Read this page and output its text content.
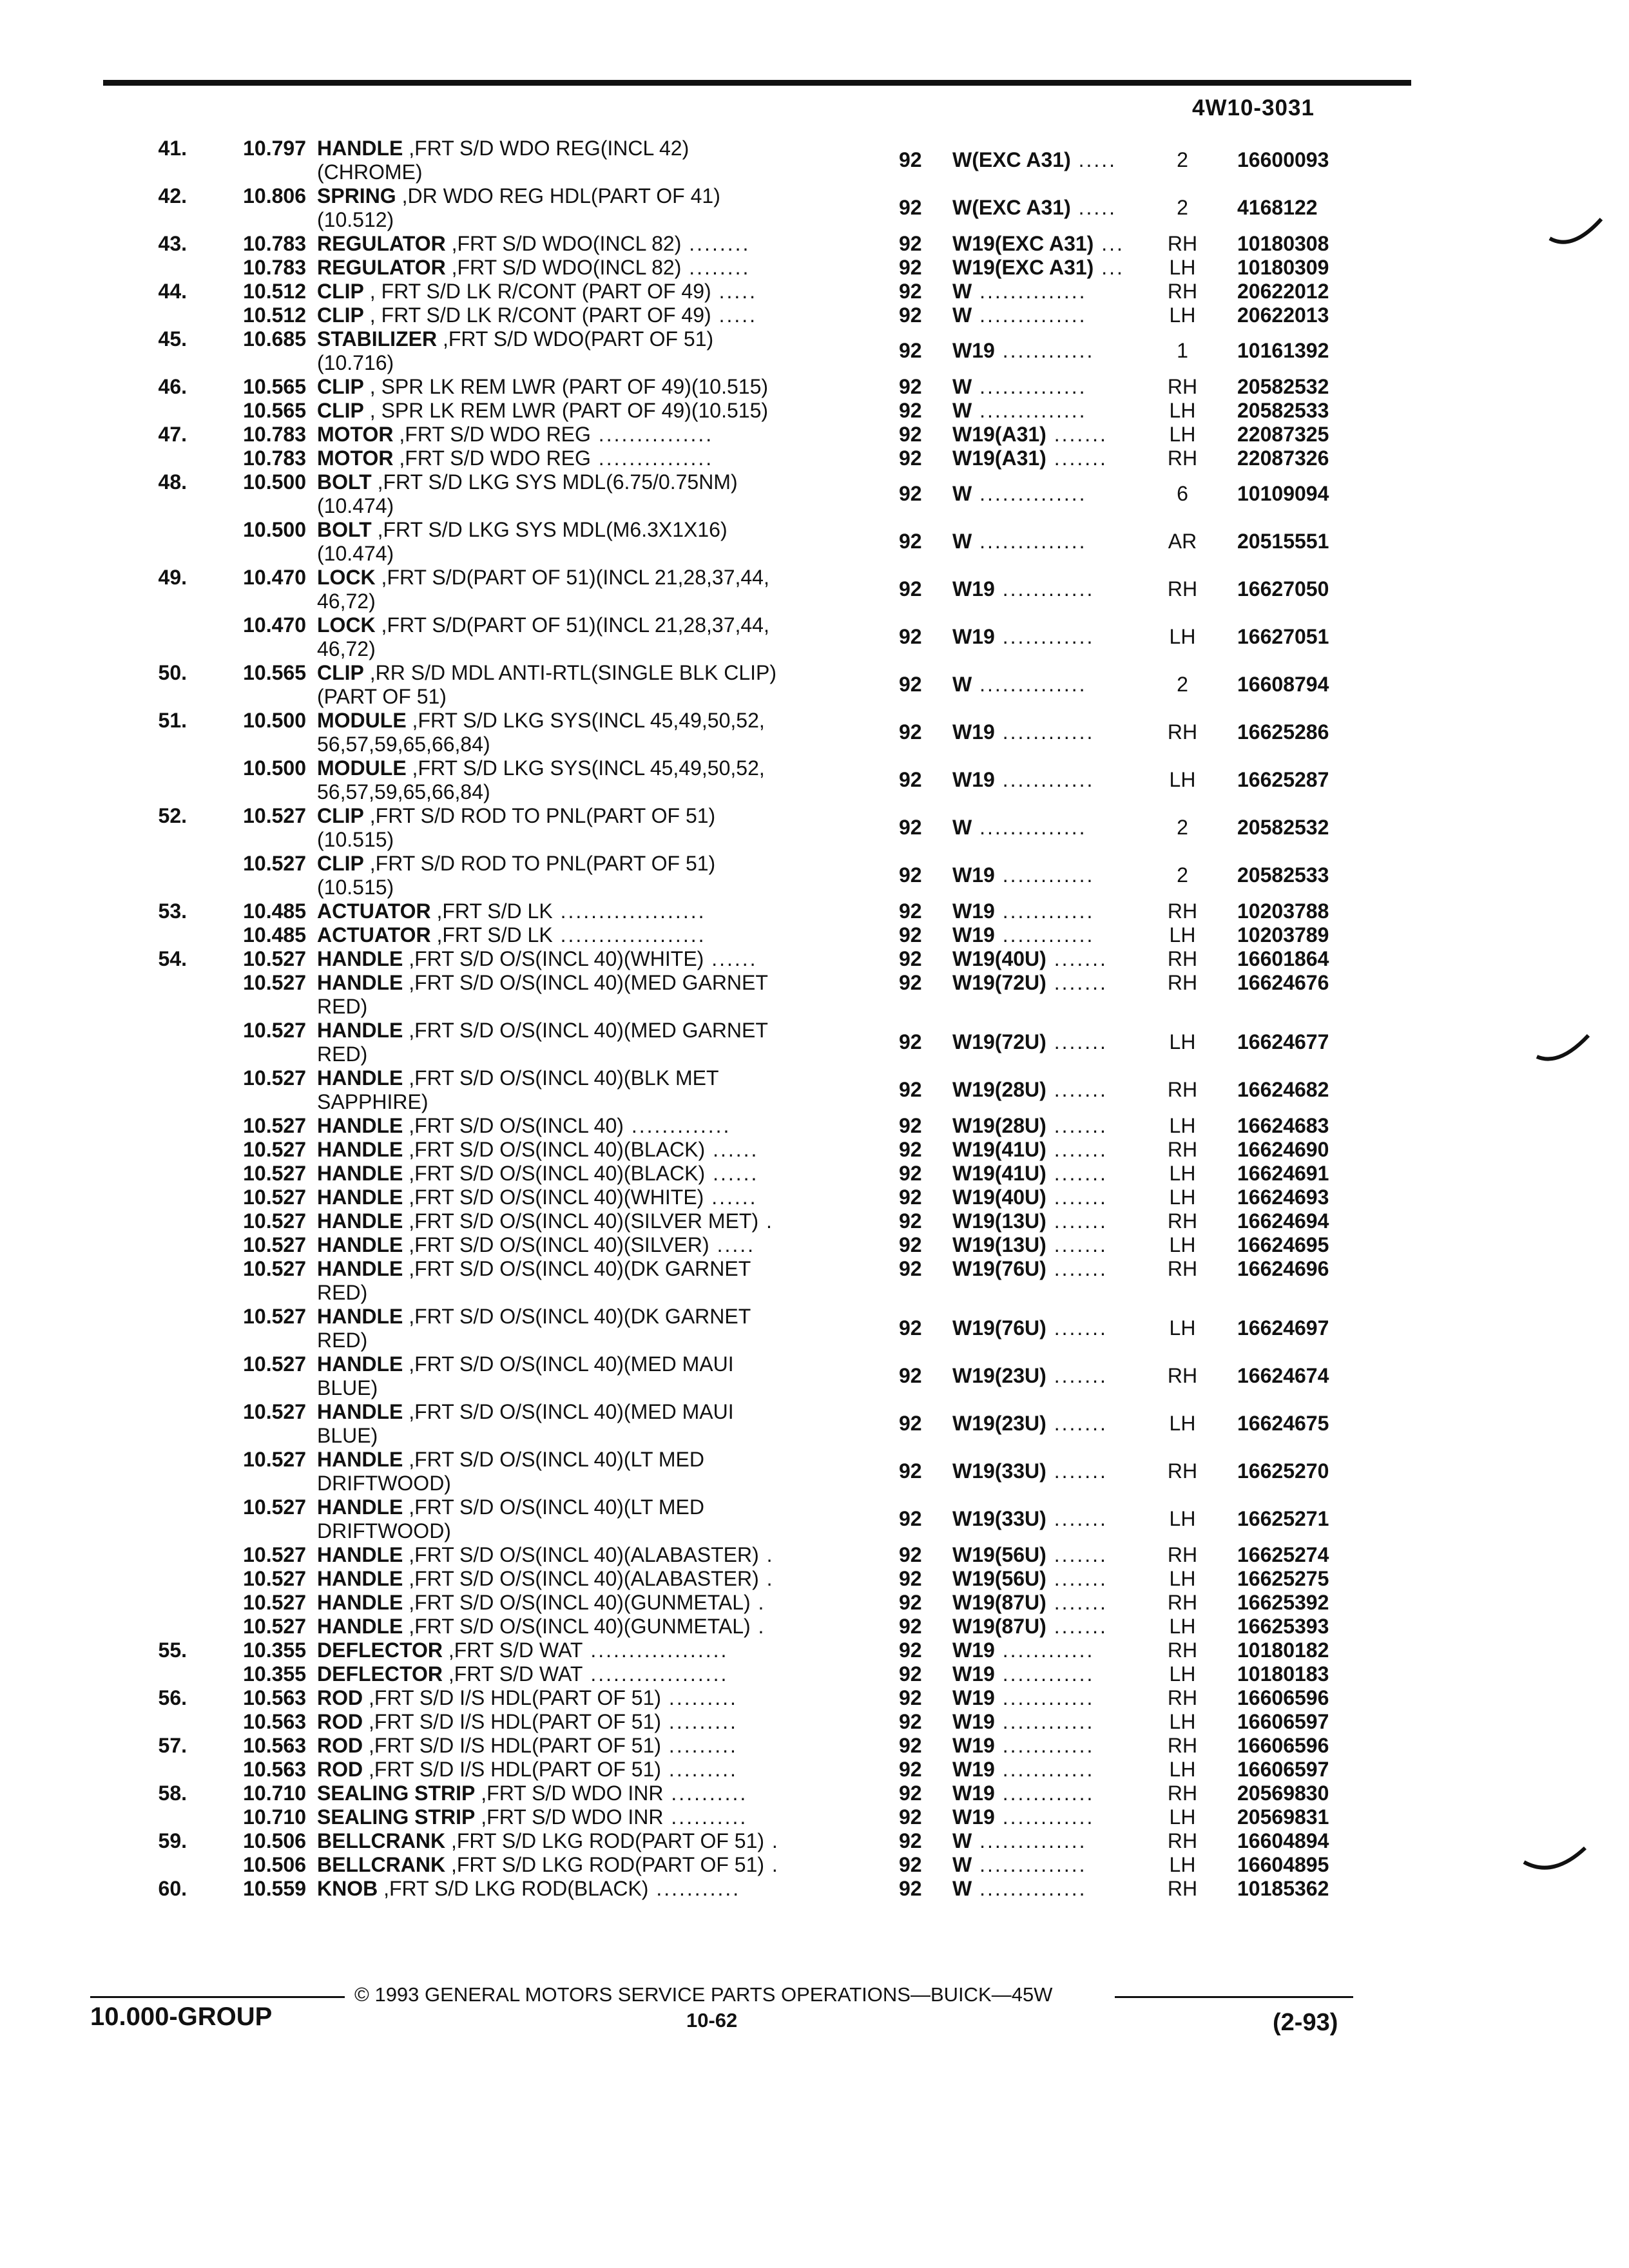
4W10-3031
41.	10.797 HANDLE ,FRT S/D WDO REG(INCL 42)
(CHROME)
92 W(EXC A31) .....	2	16600093
42.	10.806 SPRING ,DR WDO REG HDL(PART OF 41)
(10.512)
92 W(EXC A31) .....	2	4168122
43.	10.783 REGULATOR ,FRT S/D WDO(INCL 82) ........	92 W19(EXC A31) ...	RH	10180308
10.783 REGULATOR ,FRT S/D WDO(INCL 82) ........	92 W19(EXC A31) ...	LH	10180309
44.	10.512 CLIP , FRT S/D LK R/CONT (PART OF 49) .....	92 W ..............	RH	20622012
10.512 CLIP , FRT S/D LK R/CONT (PART OF 49) .....	92 W ..............	LH	20622013
45.	10.685 STABILIZER ,FRT S/D WDO(PART OF 51)
(10.716)
92 W19 ............	1	10161392
46.	10.565 CLIP , SPR LK REM LWR (PART OF 49)(10.515)	92 W ..............	RH	20582532
10.565 CLIP , SPR LK REM LWR (PART OF 49)(10.515)	92 W ..............	LH	20582533
47.	10.783 MOTOR ,FRT S/D WDO REG ...............	92 W19(A31) .......	LH	22087325
10.783 MOTOR ,FRT S/D WDO REG ...............	92 W19(A31) .......	RH	22087326
48.	10.500 BOLT ,FRT S/D LKG SYS MDL(6.75/0.75NM)
(10.474)
92 W ..............	6	10109094
10.500 BOLT ,FRT S/D LKG SYS MDL(M6.3X1X16)
(10.474)
92 W ..............	AR	20515551
49.	10.470 LOCK ,FRT S/D(PART OF 51)(INCL 21,28,37,44,
46,72)
92 W19 ............	RH	16627050
10.470 LOCK ,FRT S/D(PART OF 51)(INCL 21,28,37,44,
46,72)
92 W19 ............	LH	16627051
50.	10.565 CLIP ,RR S/D MDL ANTI-RTL(SINGLE BLK CLIP)
(PART OF 51)
92 W ..............	2	16608794
51.	10.500 MODULE ,FRT S/D LKG SYS(INCL 45,49,50,52,
56,57,59,65,66,84)
92 W19 ............	RH	16625286
10.500 MODULE ,FRT S/D LKG SYS(INCL 45,49,50,52,
56,57,59,65,66,84)
92 W19 ............	LH	16625287
52.	10.527 CLIP ,FRT S/D ROD TO PNL(PART OF 51)
(10.515)
92 W ..............	2	20582532
10.527 CLIP ,FRT S/D ROD TO PNL(PART OF 51)
(10.515)
92 W19 ............	2	20582533
53.	10.485 ACTUATOR ,FRT S/D LK ...................	92 W19 ............	RH	10203788
10.485 ACTUATOR ,FRT S/D LK ...................	92 W19 ............	LH	10203789
54.	10.527 HANDLE ,FRT S/D O/S(INCL 40)(WHITE) ......	92 W19(40U) .......	RH	16601864
10.527 HANDLE ,FRT S/D O/S(INCL 40)(MED GARNET
RED)
92 W19(72U) .......	RH	16624676
10.527 HANDLE ,FRT S/D O/S(INCL 40)(MED GARNET
RED)
92 W19(72U) .......	LH	16624677
10.527 HANDLE ,FRT S/D O/S(INCL 40)(BLK MET
SAPPHIRE)
92 W19(28U) .......	RH	16624682
10.527 HANDLE ,FRT S/D O/S(INCL 40) .............	92 W19(28U) .......	LH	16624683
10.527 HANDLE ,FRT S/D O/S(INCL 40)(BLACK) ......	92 W19(41U) .......	RH	16624690
10.527 HANDLE ,FRT S/D O/S(INCL 40)(BLACK) ......	92 W19(41U) .......	LH	16624691
10.527 HANDLE ,FRT S/D O/S(INCL 40)(WHITE) ......	92 W19(40U) .......	LH	16624693
10.527 HANDLE ,FRT S/D O/S(INCL 40)(SILVER MET) .	92 W19(13U) .......	RH	16624694
10.527 HANDLE ,FRT S/D O/S(INCL 40)(SILVER) .....	92 W19(13U) .......	LH	16624695
10.527 HANDLE ,FRT S/D O/S(INCL 40)(DK GARNET
RED)
92 W19(76U) .......	RH	16624696
10.527 HANDLE ,FRT S/D O/S(INCL 40)(DK GARNET
RED)
92 W19(76U) .......	LH	16624697
10.527 HANDLE ,FRT S/D O/S(INCL 40)(MED MAUI
BLUE)
92 W19(23U) .......	RH	16624674
10.527 HANDLE ,FRT S/D O/S(INCL 40)(MED MAUI
BLUE)
92 W19(23U) .......	LH	16624675
10.527 HANDLE ,FRT S/D O/S(INCL 40)(LT MED
DRIFTWOOD)
92 W19(33U) .......	RH	16625270
10.527 HANDLE ,FRT S/D O/S(INCL 40)(LT MED
DRIFTWOOD)
92 W19(33U) .......	LH	16625271
10.527 HANDLE ,FRT S/D O/S(INCL 40)(ALABASTER) .	92 W19(56U) .......	RH	16625274
10.527 HANDLE ,FRT S/D O/S(INCL 40)(ALABASTER) .	92 W19(56U) .......	LH	16625275
10.527 HANDLE ,FRT S/D O/S(INCL 40)(GUNMETAL) .	92 W19(87U) .......	RH	16625392
10.527 HANDLE ,FRT S/D O/S(INCL 40)(GUNMETAL) .	92 W19(87U) .......	LH	16625393
55.	10.355 DEFLECTOR ,FRT S/D WAT ..................	92 W19 ............	RH	10180182
10.355 DEFLECTOR ,FRT S/D WAT ..................	92 W19 ............	LH	10180183
56.	10.563 ROD ,FRT S/D I/S HDL(PART OF 51) .........	92 W19 ............	RH	16606596
10.563 ROD ,FRT S/D I/S HDL(PART OF 51) .........	92 W19 ............	LH	16606597
57.	10.563 ROD ,FRT S/D I/S HDL(PART OF 51) .........	92 W19 ............	RH	16606596
10.563 ROD ,FRT S/D I/S HDL(PART OF 51) .........	92 W19 ............	LH	16606597
58.	10.710 SEALING STRIP ,FRT S/D WDO INR ..........	92 W19 ............	RH	20569830
10.710 SEALING STRIP ,FRT S/D WDO INR ..........	92 W19 ............	LH	20569831
59.	10.506 BELLCRANK ,FRT S/D LKG ROD(PART OF 51) .	92 W ..............	RH	16604894
10.506 BELLCRANK ,FRT S/D LKG ROD(PART OF 51) .	92 W ..............	LH	16604895
60.	10.559 KNOB ,FRT S/D LKG ROD(BLACK) ...........	92 W ..............	RH	10185362
© 1993 GENERAL MOTORS SERVICE PARTS OPERATIONS—BUICK—45W
10.000-GROUP	10-62	(2-93)
